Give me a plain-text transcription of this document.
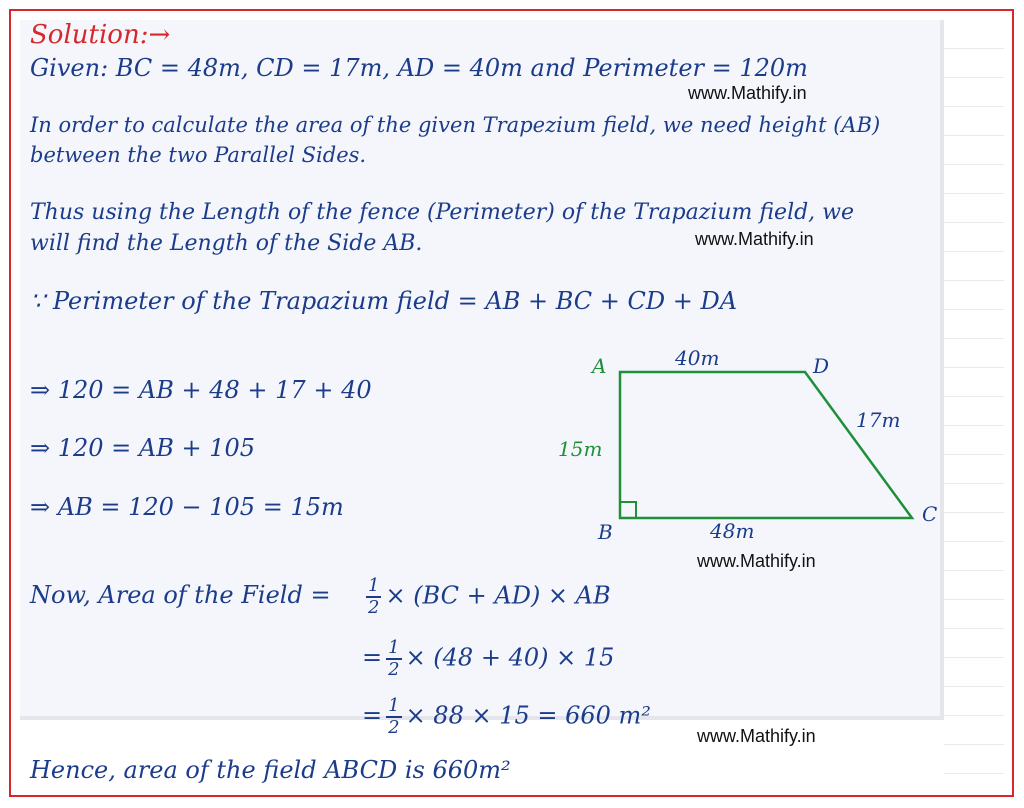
Solution:→
Given: BC = 48m, CD = 17m, AD = 40m and Perimeter = 120m
www.Mathify.in
In order to calculate the area of the given Trapezium field, we need height (AB)
between the two Parallel Sides.
Thus using the Length of the fence (Perimeter) of the Trapazium field, we
will find the Length of the Side AB.	www.Mathify.in
∵ Perimeter of the Trapazium field = AB + BC + CD + DA
⇒ 120 = AB + 48 + 17 + 40
⇒ 120 = AB + 105
⇒ AB = 120 − 105 = 15m
A
B
C
D
40m
15m
17m
48m
www.Mathify.in
Now, Area of the Field = $\frac{1}{2} \times (BC + AD)$ × AB
= $\frac{1}{2} \times (48 + 40) \times 15$
= $\frac{1}{2} \times 88 \times 15 = 660$ m²
www.Mathify.in
Hence, area of the field ABCD is 660m²
